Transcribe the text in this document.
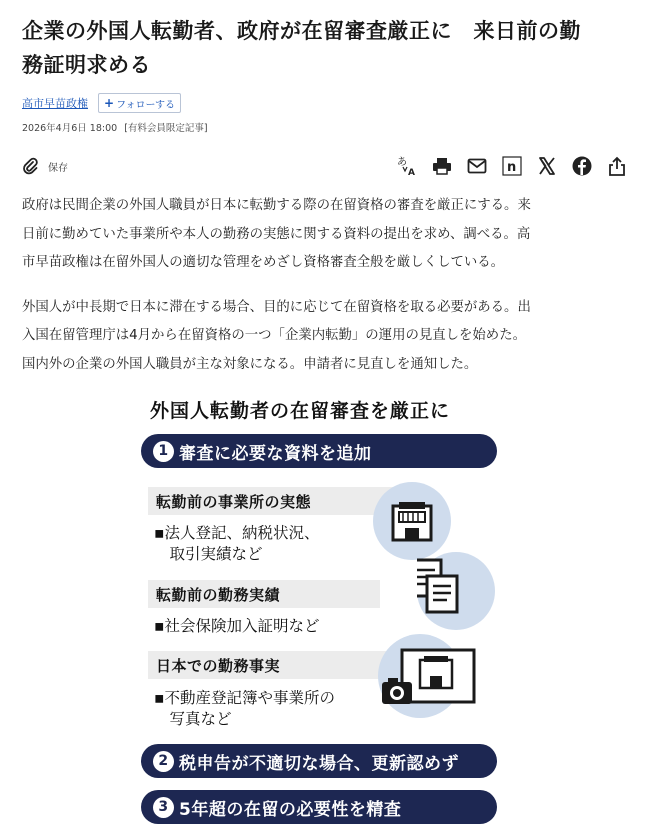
企業の外国人転勤者、政府が在留審査厳正に　来日前の勤
務証明求める
高市早苗政権 + フォローする
2026年4月6日 18:00 [有料会員限定記事]
保存	あ
A	n
政府は民間企業の外国人職員が日本に転勤する際の在留資格の審査を厳正にする。来
日前に勤めていた事業所や本人の勤務の実態に関する資料の提出を求め、調べる。高
市早苗政権は在留外国人の適切な管理をめざし資格審査全般を厳しくしている。
外国人が中長期で日本に滞在する場合、目的に応じて在留資格を取る必要がある。出
入国在留管理庁は4月から在留資格の一つ「企業内転勤」の運用の見直しを始めた。
国内外の企業の外国人職員が主な対象になる。申請者に見直しを通知した。
外国人転勤者の在留審査を厳正に
1 審査に必要な資料を追加
転勤前の事業所の実態
▪法人登記、納税状況、
　取引実績など
転勤前の勤務実績
▪社会保険加入証明など
日本での勤務事実
▪不動産登記簿や事業所の
　写真など
2 税申告が不適切な場合、更新認めず
3 5年超の在留の必要性を精査
